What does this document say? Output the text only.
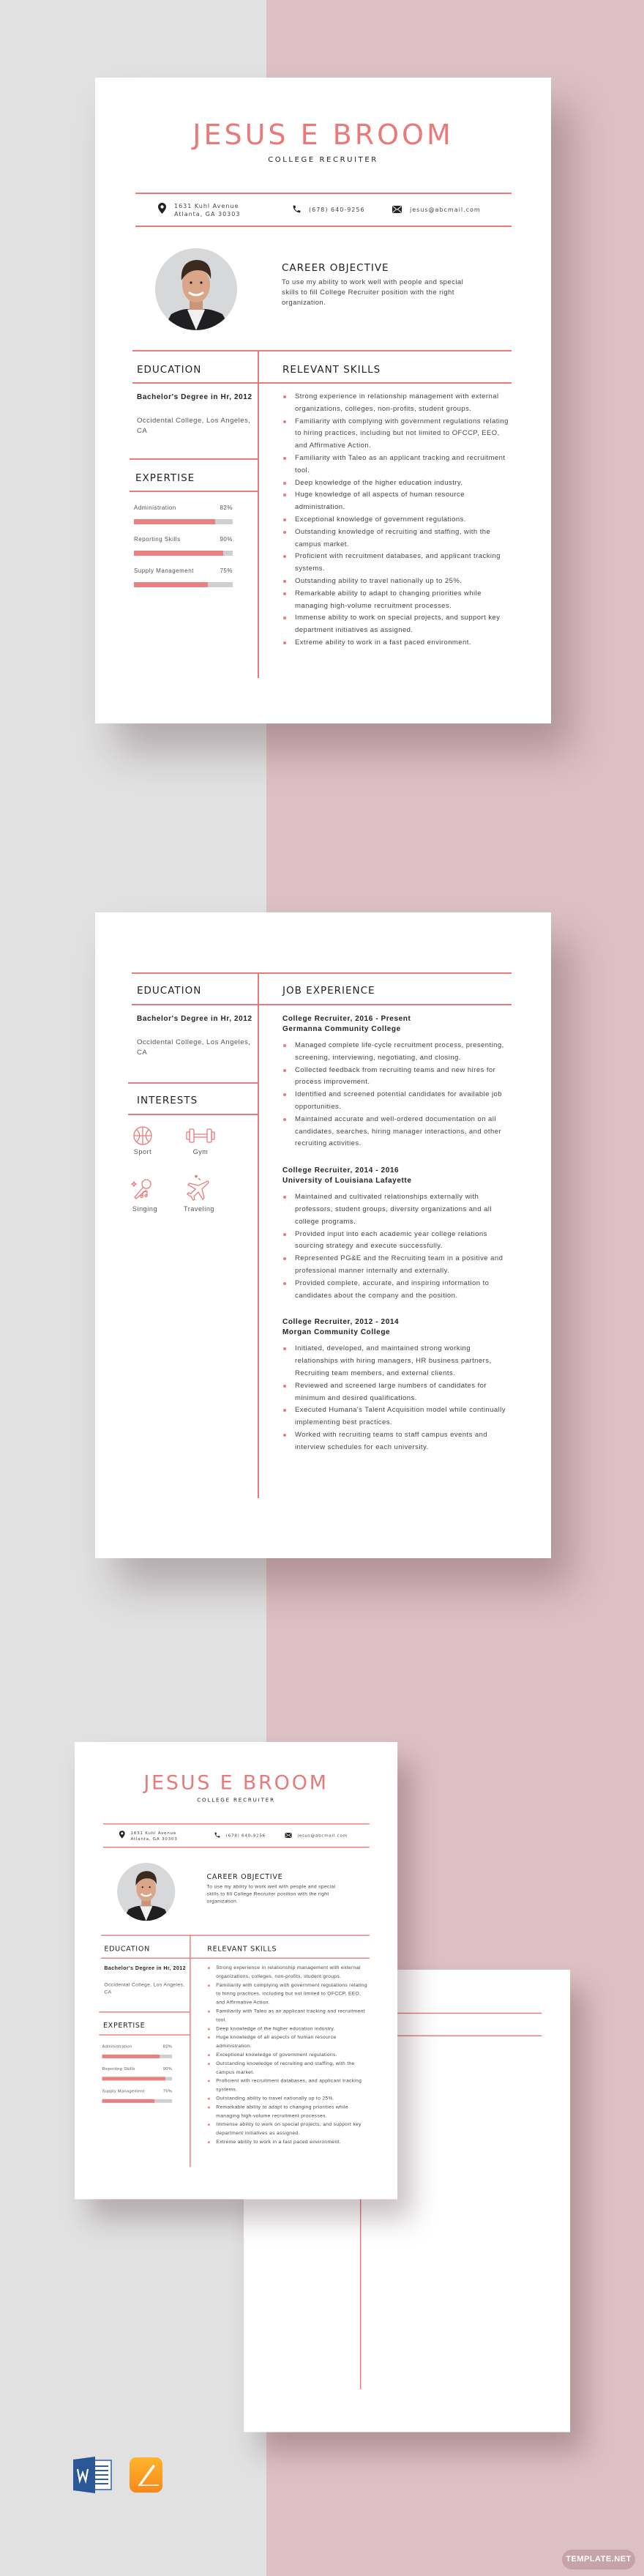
JESUS E BROOM
COLLEGE RECRUITER
1631 Kuhl Avenue
Atlanta, GA 30303
(678) 640-9256	jesus@abcmail.com
CAREER OBJECTIVE
To use my ability to work well with people and special skills to fill College Recruiter position with the right organization.
EDUCATION	RELEVANT SKILLS
Bachelor's Degree in Hr, 2012
Occidental College, Los Angeles, CA
EXPERTISE
Administration	82%
Reporting Skills	90%
Supply Management	75%
Strong experience in relationship management with external organizations, colleges, non-profits, student groups.
Familiarity with complying with government regulations relating to hiring practices, including but not limited to OFCCP, EEO, and Affirmative Action.
Familiarity with Taleo as an applicant tracking and recruitment tool.
Deep knowledge of the higher education industry.
Huge knowledge of all aspects of human resource administration.
Exceptional knowledge of government regulations.
Outstanding knowledge of recruiting and staffing, with the campus market.
Proficient with recruitment databases, and applicant tracking systems.
Outstanding ability to travel nationally up to 25%.
Remarkable ability to adapt to changing priorities while managing high-volume recruitment processes.
Immense ability to work on special projects, and support key department initiatives as assigned.
Extreme ability to work in a fast paced environment.
EDUCATION	JOB EXPERIENCE
Bachelor's Degree in Hr, 2012
Occidental College, Los Angeles, CA
INTERESTS
Sport	Gym
Singing	Traveling
College Recruiter, 2016 - Present
Germanna Community College
Managed complete life-cycle recruitment process, presenting, screening, interviewing, negotiating, and closing.
Collected feedback from recruiting teams and new hires for process improvement.
Identified and screened potential candidates for available job opportunities.
Maintained accurate and well-ordered documentation on all candidates, searches, hiring manager interactions, and other recruiting activities.
College Recruiter, 2014 - 2016
University of Louisiana Lafayette
Maintained and cultivated relationships externally with professors, student groups, diversity organizations and all college programs.
Provided input into each academic year college relations sourcing strategy and execute successfully.
Represented PG&E and the Recruiting team in a positive and professional manner internally and externally.
Provided complete, accurate, and inspiring information to candidates about the company and the position.
College Recruiter, 2012 - 2014
Morgan Community College
Initiated, developed, and maintained strong working relationships with hiring managers, HR business partners, Recruiting team members, and external clients.
Reviewed and screened large numbers of candidates for minimum and desired qualifications.
Executed Humana's Talent Acquisition model while continually implementing best practices.
Worked with recruiting teams to staff campus events and interview schedules for each university.
JESUS E BROOM
COLLEGE RECRUITER
1631 Kuhl Avenue
Atlanta, GA 30303
(678) 640-9256	jesus@abcmail.com
CAREER OBJECTIVE
To use my ability to work well with people and special skills to fill College Recruiter position with the right organization.
EDUCATION	RELEVANT SKILLS
Bachelor's Degree in Hr, 2012
Occidental College, Los Angeles, CA
EXPERTISE
Administration	82%
Reporting Skills	90%
Supply Management	75%
Strong experience in relationship management with external organizations, colleges, non-profits, student groups.
Familiarity with complying with government regulations relating to hiring practices, including but not limited to OFCCP, EEO, and Affirmative Action.
Familiarity with Taleo as an applicant tracking and recruitment tool.
Deep knowledge of the higher education industry.
Huge knowledge of all aspects of human resource administration.
Exceptional knowledge of government regulations.
Outstanding knowledge of recruiting and staffing, with the campus market.
Proficient with recruitment databases, and applicant tracking systems.
Outstanding ability to travel nationally up to 25%.
Remarkable ability to adapt to changing priorities while managing high-volume recruitment processes.
Immense ability to work on special projects, and support key department initiatives as assigned.
Extreme ability to work in a fast paced environment.
TEMPLATE.NET
